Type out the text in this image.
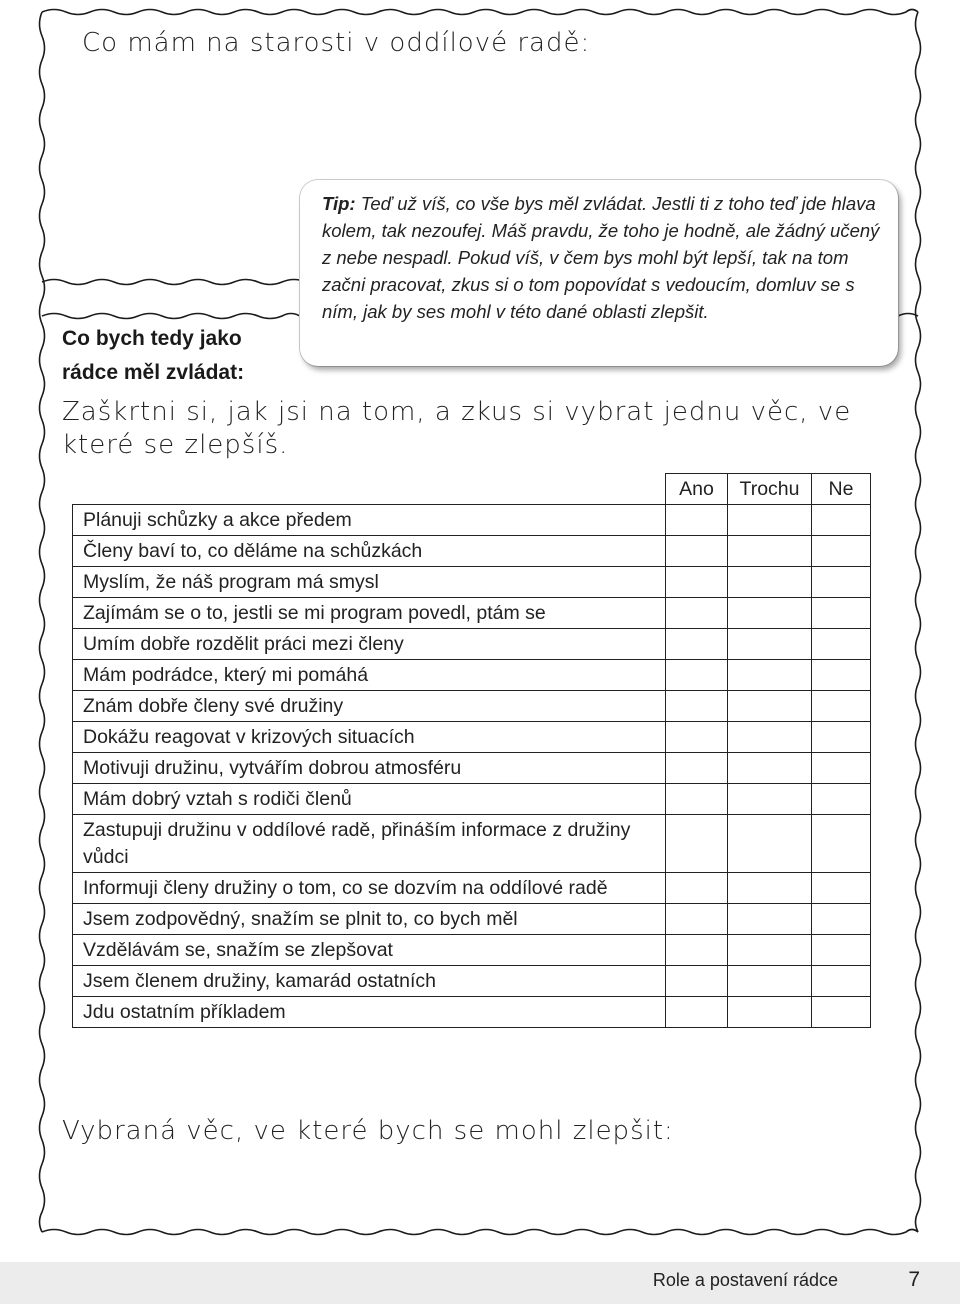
Co mám na starosti v oddílové radě:
Co bych tedy jako
rádce měl zvládat:
Tip: Teď už víš, co vše bys měl zvládat. Jestli ti z toho teď jde hlava kolem, tak nezoufej. Máš pravdu, že toho je hodně, ale žádný učený z nebe nespadl. Pokud víš, v čem bys mohl být lepší, tak na tom začni pracovat, zkus si o tom popovídat s vedoucím, domluv se s ním, jak by ses mohl v této dané oblasti zlepšit.
Zaškrtni si, jak jsi na tom, a zkus si vybrat jednu věc, ve které se zlepšíš.
	Ano	Trochu	Ne
Plánuji schůzky a akce předem			
Členy baví to, co děláme na schůzkách			
Myslím, že náš program má smysl			
Zajímám se o to, jestli se mi program povedl, ptám se			
Umím dobře rozdělit práci mezi členy			
Mám podrádce, který mi pomáhá			
Znám dobře členy své družiny			
Dokážu reagovat v krizových situacích			
Motivuji družinu, vytvářím dobrou atmosféru			
Mám dobrý vztah s rodiči členů			
Zastupuji družinu v oddílové radě, přináším informace z družiny vůdci			
Informuji členy družiny o tom, co se dozvím na oddílové radě			
Jsem zodpovědný, snažím se plnit to, co bych měl			
Vzdělávám se, snažím se zlepšovat			
Jsem členem družiny, kamarád ostatních			
Jdu ostatním příkladem			
Vybraná věc, ve které bych se mohl zlepšit:
Role a postavení rádce	7
